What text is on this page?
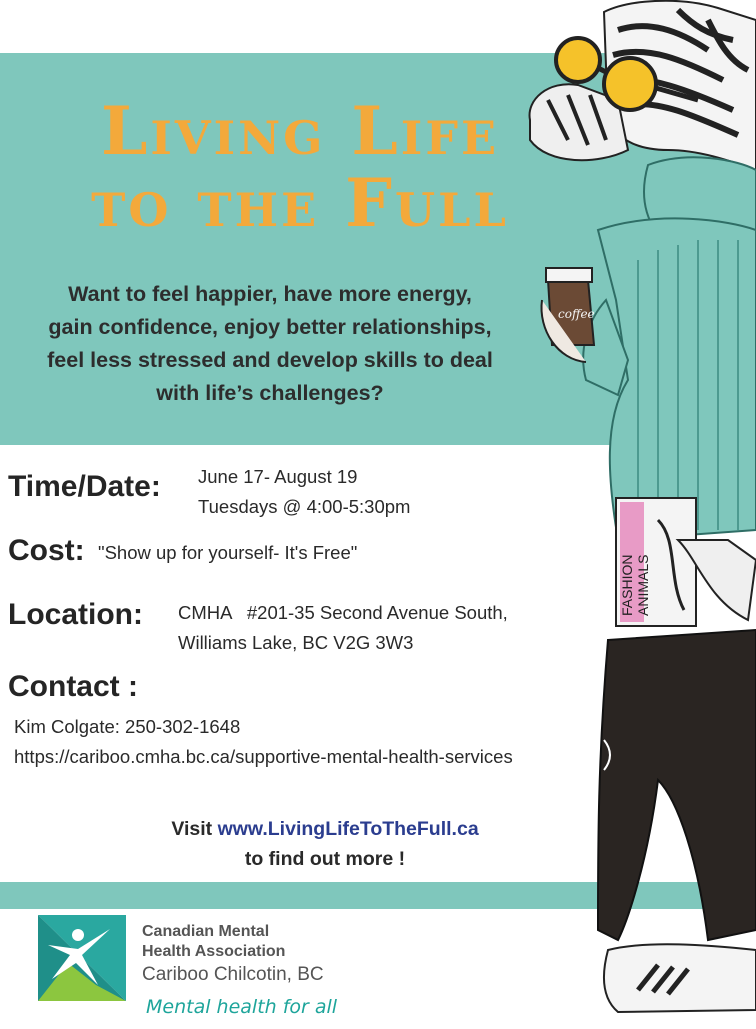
Living Life
to the Full
Want to feel happier, have more energy,
gain confidence, enjoy better relationships,
feel less stressed and develop skills to deal
with life’s challenges?
Time/Date: June 17- August 19
Tuesdays @ 4:00-5:30pm
Cost: "Show up for yourself- It's Free"
Location: CMHA   #201-35 Second Avenue South,
Williams Lake, BC V2G 3W3
Contact :
Kim Colgate: 250-302-1648
https://cariboo.cmha.bc.ca/supportive-mental-health-services
Visit www.LivingLifeToTheFull.ca
to find out more !
Canadian Mental
Health Association
Cariboo Chilcotin, BC
Mental health for all
coffee
FASHION ANIMALS
